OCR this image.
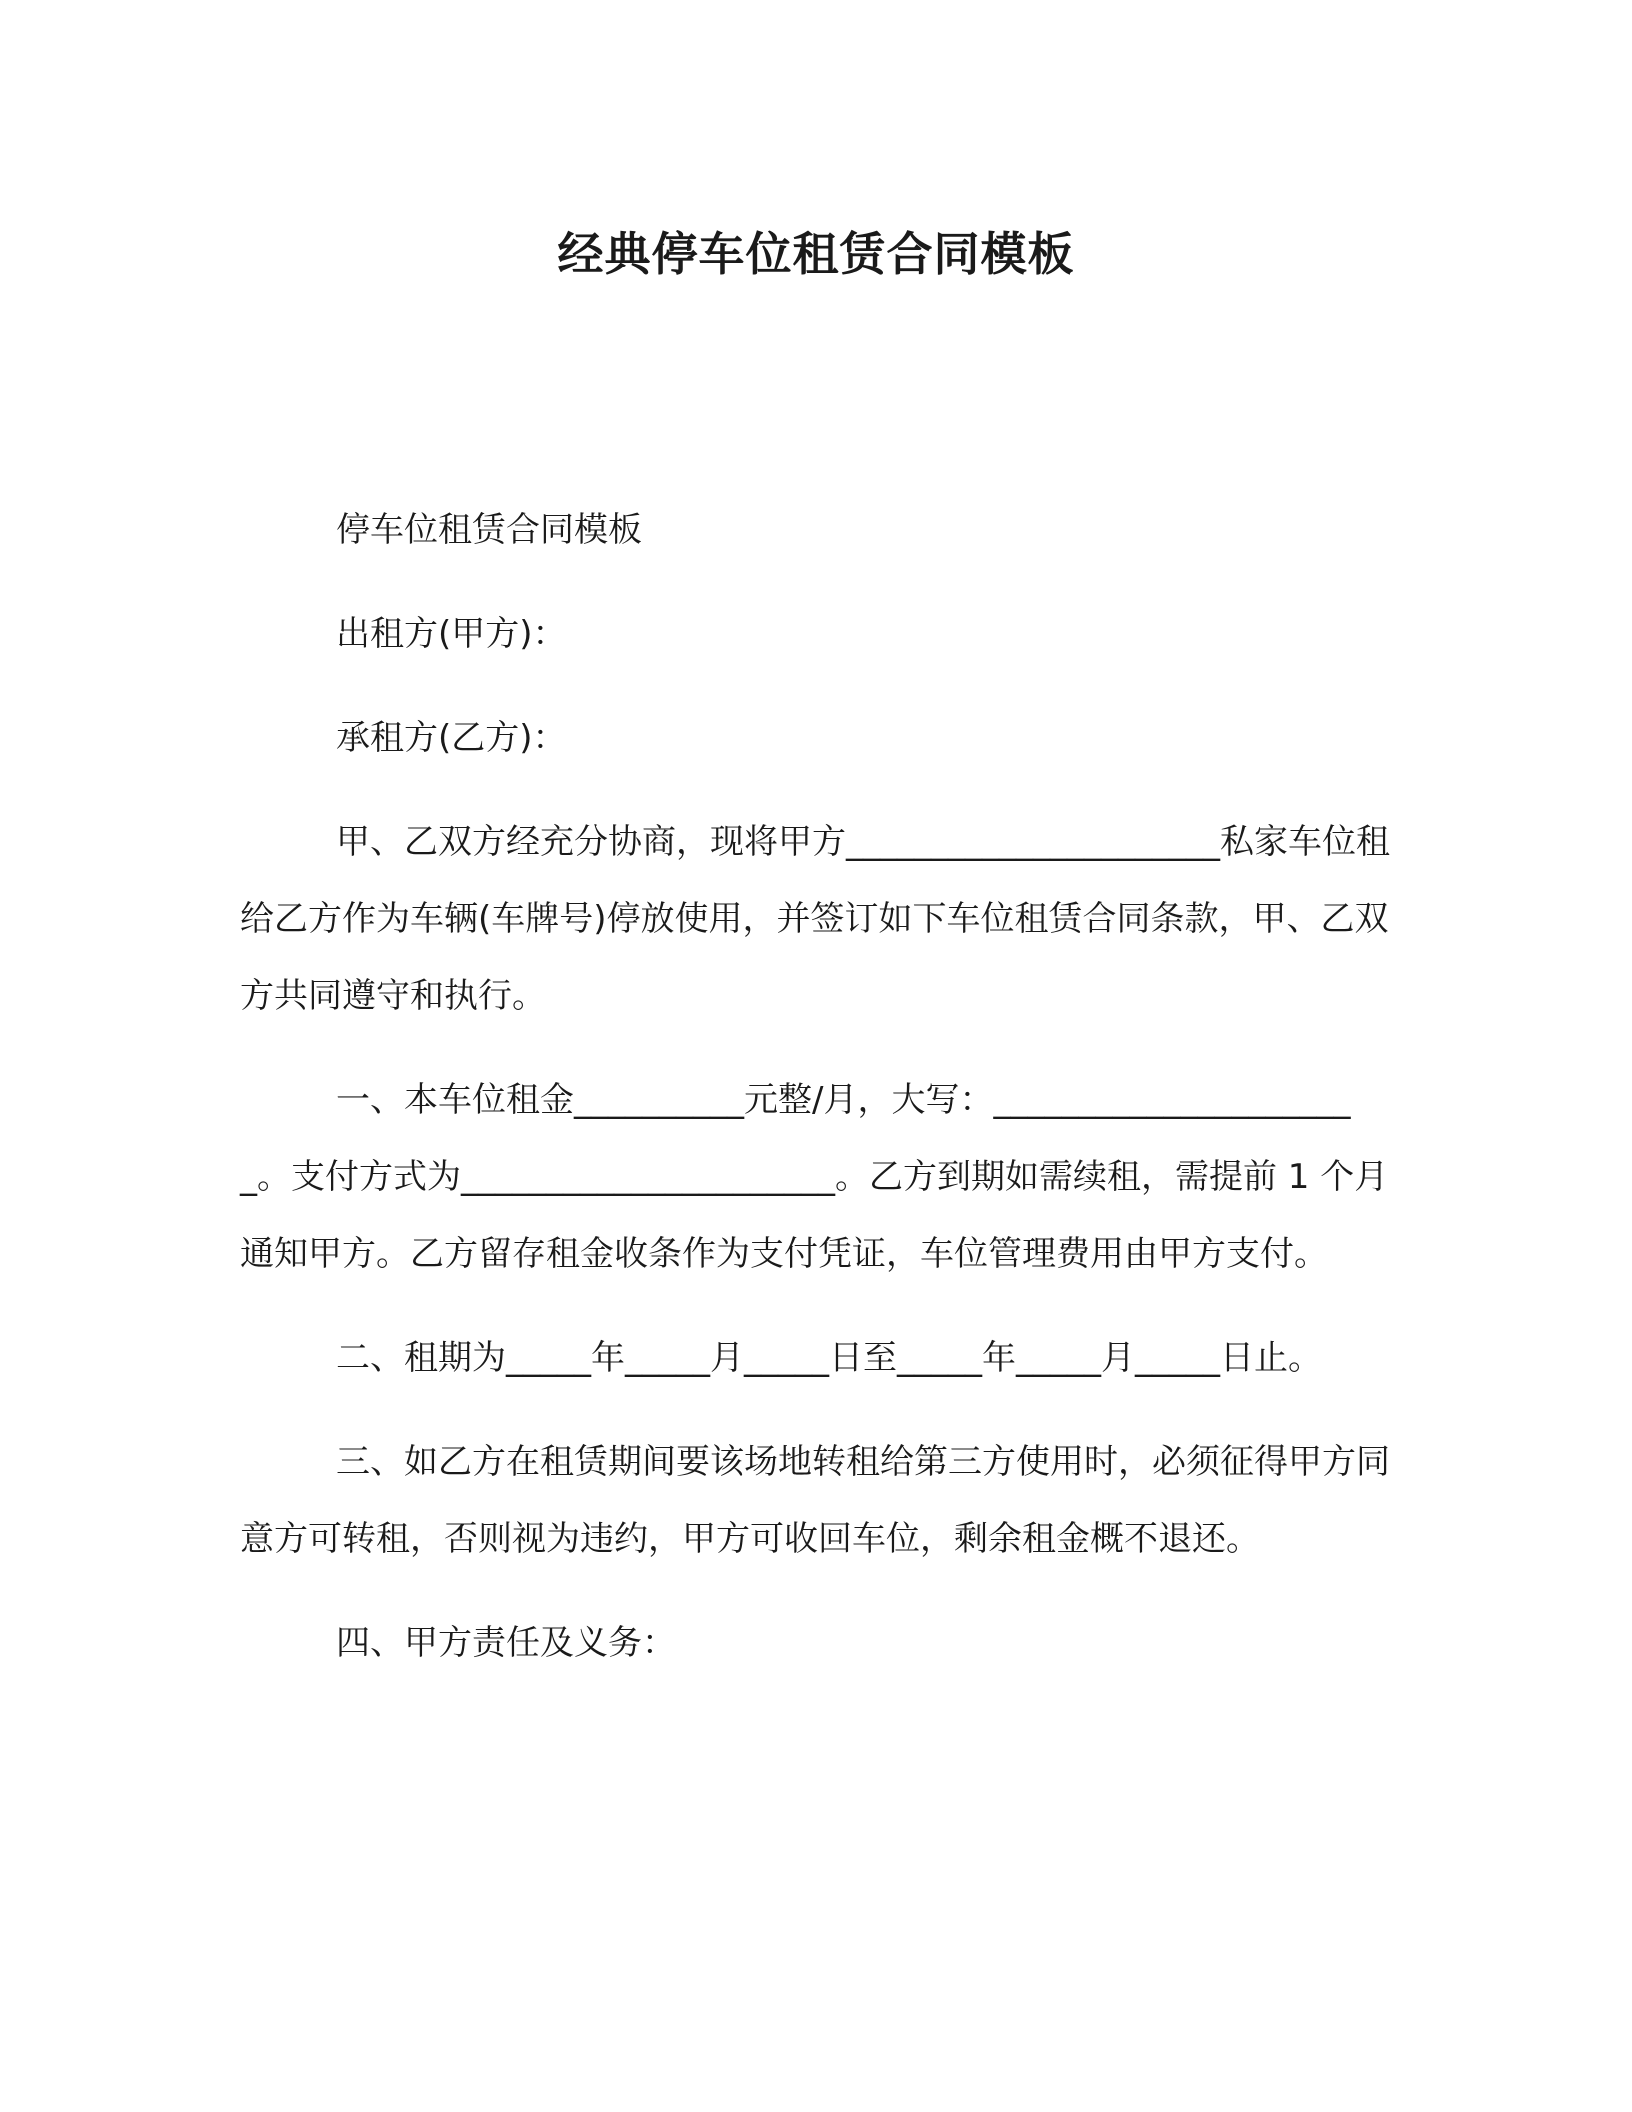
经典停车位租赁合同模板

停车位租赁合同模板

出租方(甲方)：

承租方(乙方)：

甲、乙双方经充分协商，现将甲方______________________私家车位租给乙方作为车辆(车牌号)停放使用，并签订如下车位租赁合同条款，甲、乙双方共同遵守和执行。

一、本车位租金__________元整/月，大写：______________________。支付方式为______________________。乙方到期如需续租，需提前 1 个月通知甲方。乙方留存租金收条作为支付凭证，车位管理费用由甲方支付。

二、租期为_____年_____月_____日至_____年_____月_____日止。

三、如乙方在租赁期间要该场地转租给第三方使用时，必须征得甲方同意方可转租，否则视为违约，甲方可收回车位，剩余租金概不退还。

四、甲方责任及义务：
